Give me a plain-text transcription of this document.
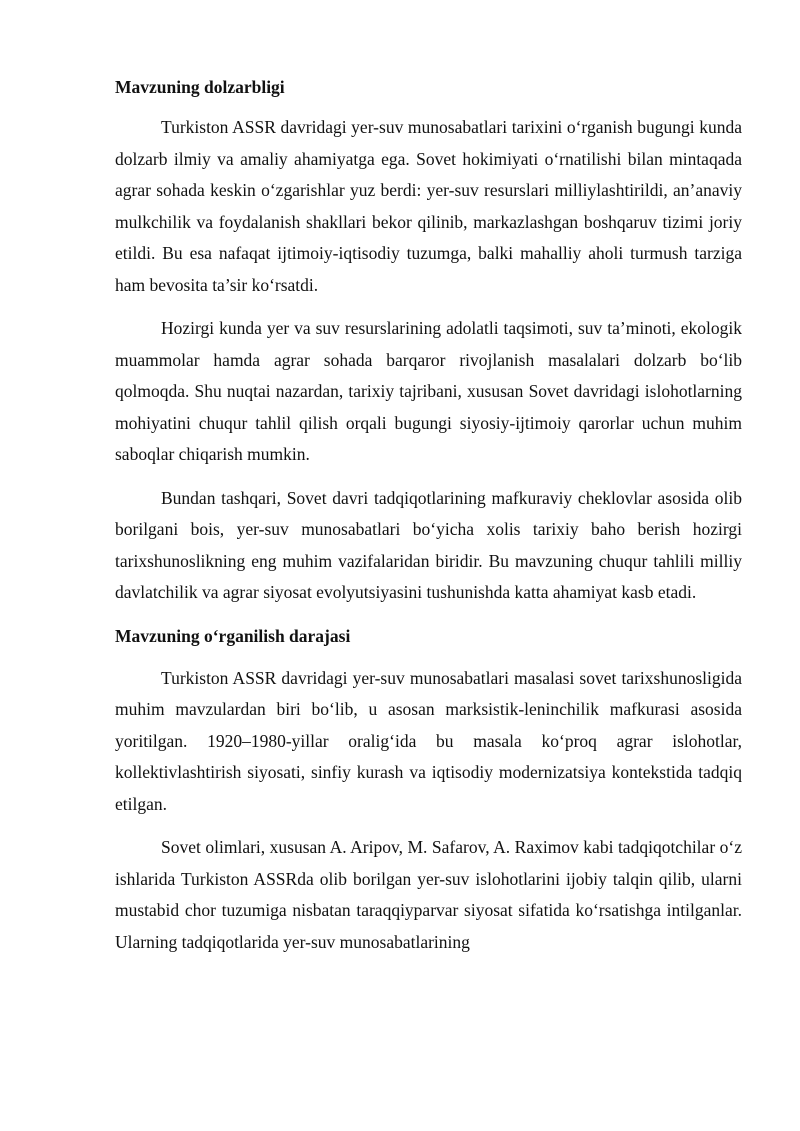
Mavzuning dolzarbligi

Turkiston ASSR davridagi yer-suv munosabatlari tarixini o‘rganish bugungi kunda dolzarb ilmiy va amaliy ahamiyatga ega. Sovet hokimiyati o‘rnatilishi bilan mintaqada agrar sohada keskin o‘zgarishlar yuz berdi: yer-suv resurslari milliylashtirildi, an’anaviy mulkchilik va foydalanish shakllari bekor qilinib, markazlashgan boshqaruv tizimi joriy etildi. Bu esa nafaqat ijtimoiy-iqtisodiy tuzumga, balki mahalliy aholi turmush tarziga ham bevosita ta’sir ko‘rsatdi.

Hozirgi kunda yer va suv resurslarining adolatli taqsimoti, suv ta’minoti, ekologik muammolar hamda agrar sohada barqaror rivojlanish masalalari dolzarb bo‘lib qolmoqda. Shu nuqtai nazardan, tarixiy tajribani, xususan Sovet davridagi islohotlarning mohiyatini chuqur tahlil qilish orqali bugungi siyosiy-ijtimoiy qarorlar uchun muhim saboqlar chiqarish mumkin.

Bundan tashqari, Sovet davri tadqiqotlarining mafkuraviy cheklovlar asosida olib borilgani bois, yer-suv munosabatlari bo‘yicha xolis tarixiy baho berish hozirgi tarixshunoslikning eng muhim vazifalaridan biridir. Bu mavzuning chuqur tahlili milliy davlatchilik va agrar siyosat evolyutsiyasini tushunishda katta ahamiyat kasb etadi.

Mavzuning o‘rganilish darajasi

Turkiston ASSR davridagi yer-suv munosabatlari masalasi sovet tarixshunosligida muhim mavzulardan biri bo‘lib, u asosan marksistik-leninchilik mafkurasi asosida yoritilgan. 1920–1980-yillar oralig‘ida bu masala ko‘proq agrar islohotlar, kollektivlashtirish siyosati, sinfiy kurash va iqtisodiy modernizatsiya kontekstida tadqiq etilgan.

Sovet olimlari, xususan A. Aripov, M. Safarov, A. Raximov kabi tadqiqotchilar o‘z ishlarida Turkiston ASSRda olib borilgan yer-suv islohotlarini ijobiy talqin qilib, ularni mustabid chor tuzumiga nisbatan taraqqiyparvar siyosat sifatida ko‘rsatishga intilganlar. Ularning tadqiqotlarida yer-suv munosabatlarining
